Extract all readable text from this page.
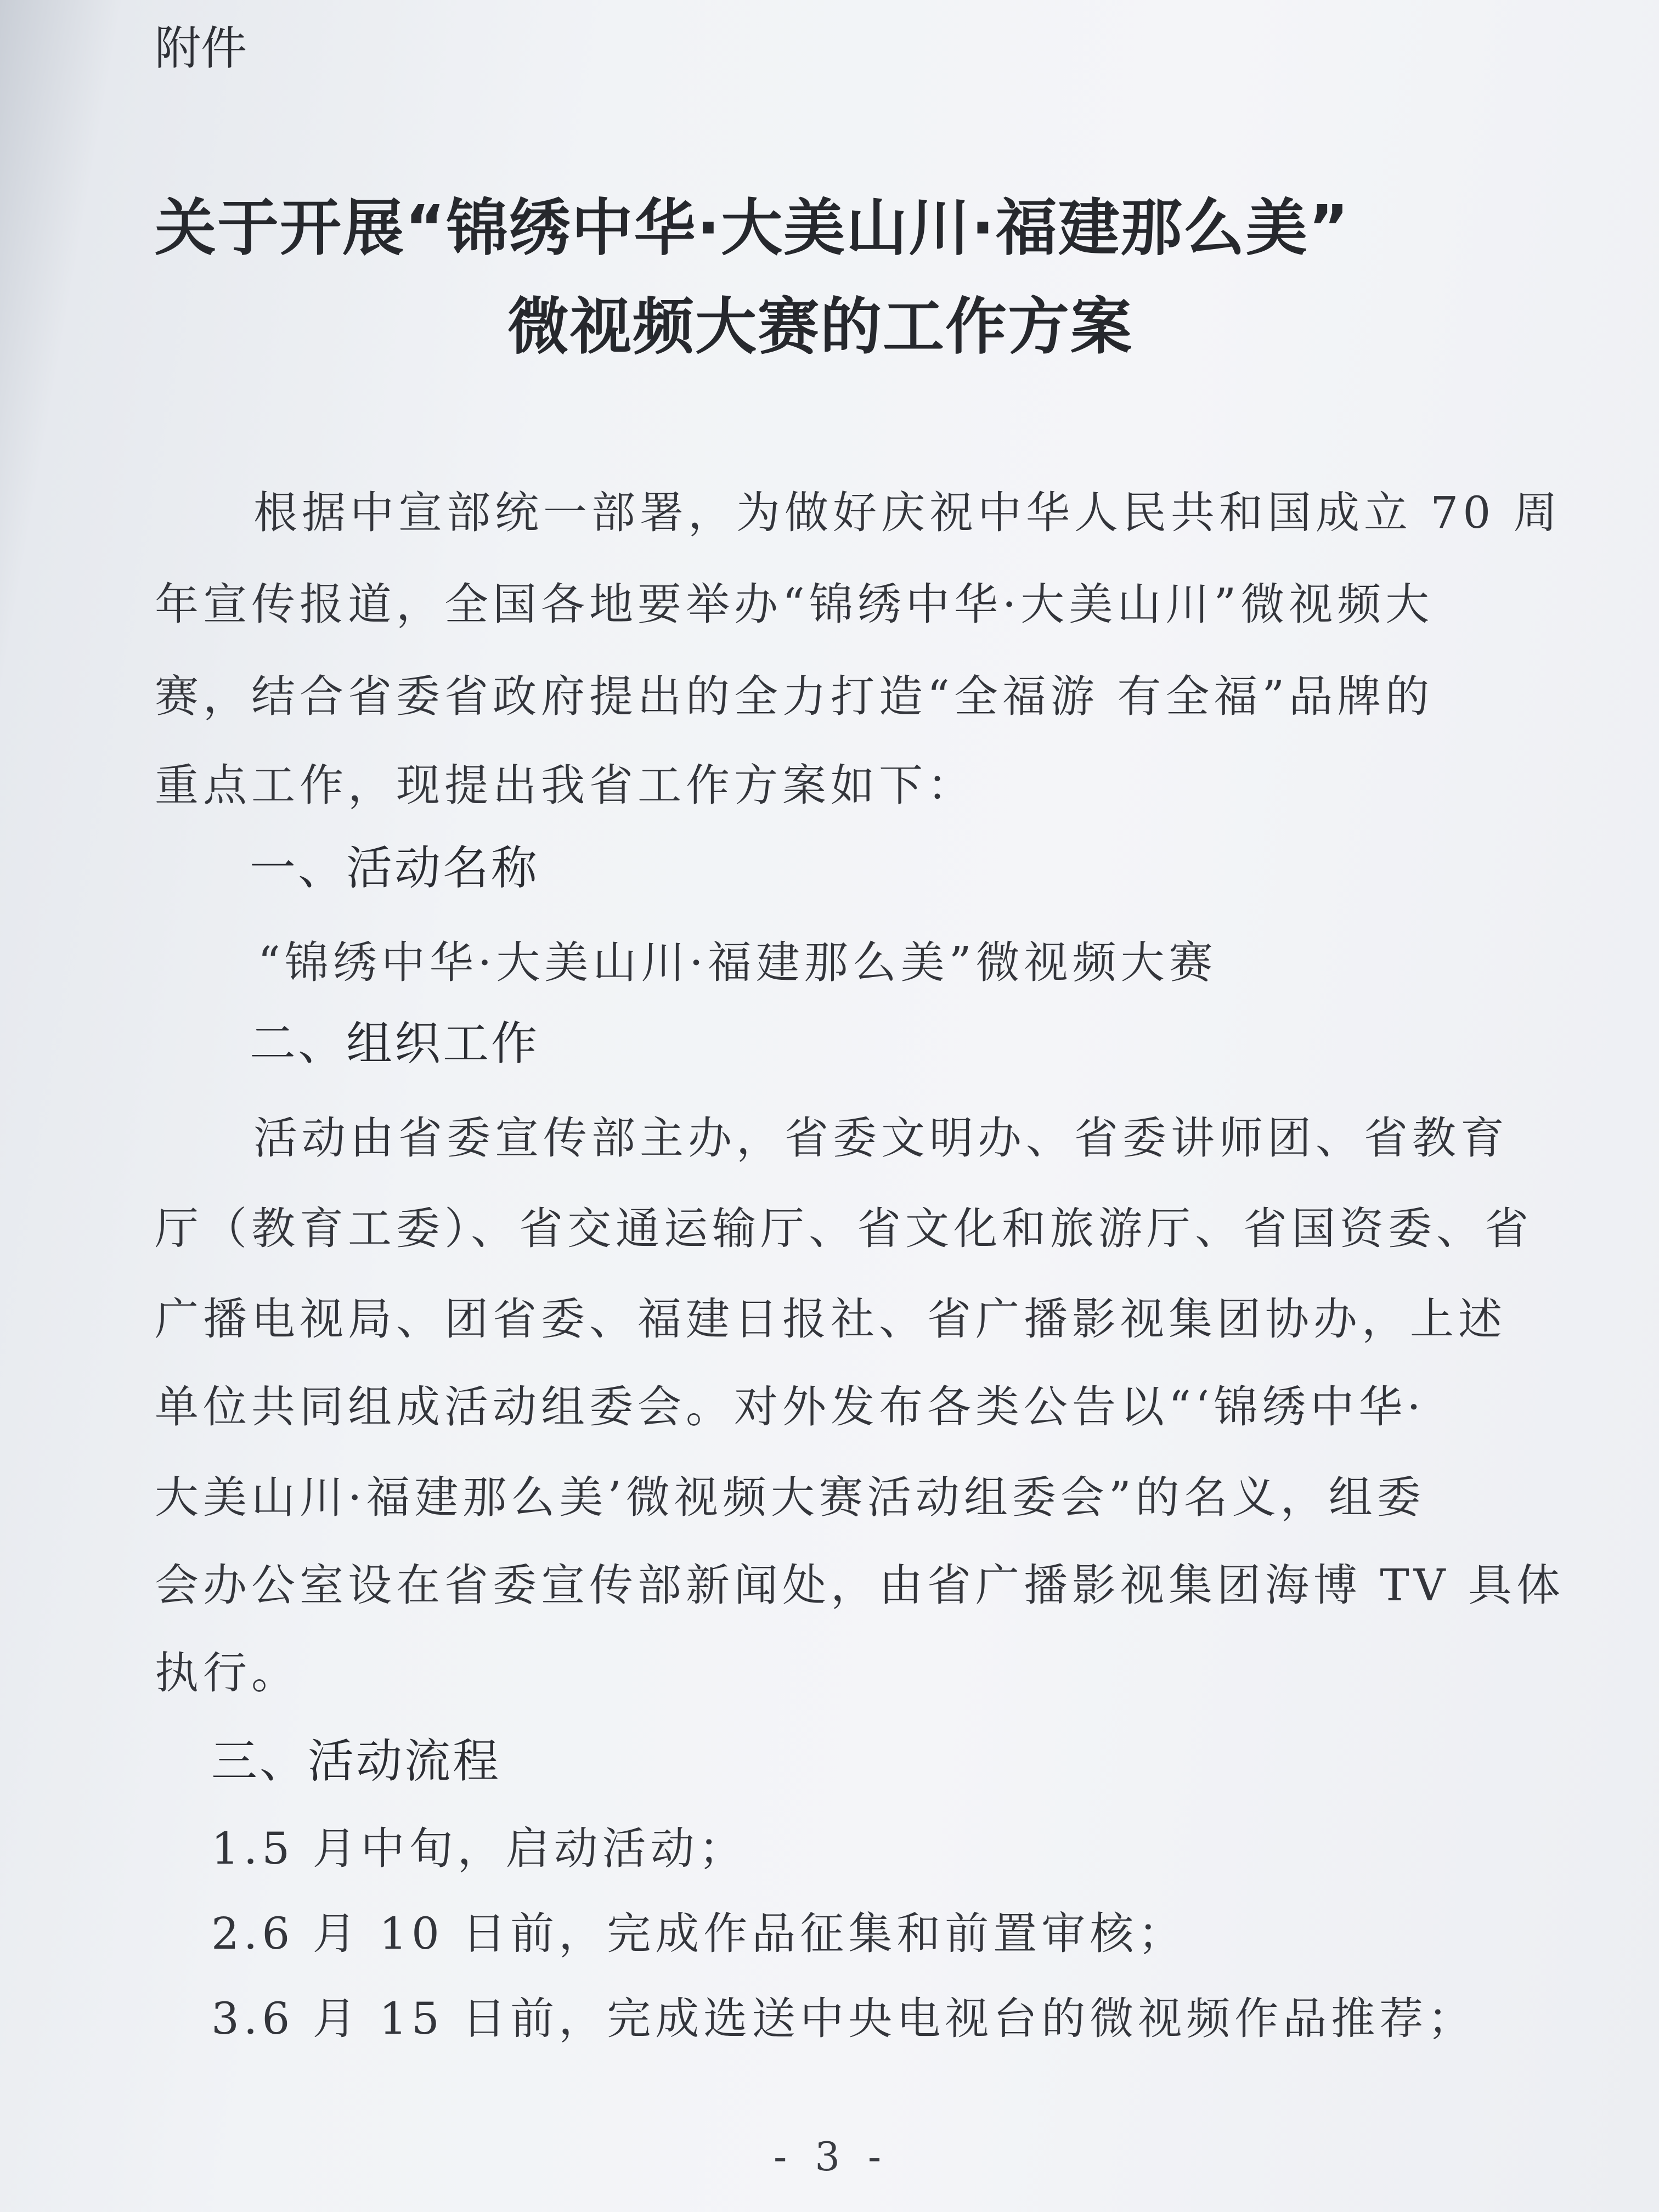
附件
关于开展“锦绣中华·大美山川·福建那么美”
微视频大赛的工作方案
根据中宣部统一部署，为做好庆祝中华人民共和国成立 70 周
年宣传报道，全国各地要举办“锦绣中华·大美山川”微视频大
赛，结合省委省政府提出的全力打造“全福游 有全福”品牌的
重点工作，现提出我省工作方案如下：
一、活动名称
“锦绣中华·大美山川·福建那么美”微视频大赛
二、组织工作
活动由省委宣传部主办，省委文明办、省委讲师团、省教育
厅（教育工委）、省交通运输厅、省文化和旅游厅、省国资委、省
广播电视局、团省委、福建日报社、省广播影视集团协办，上述
单位共同组成活动组委会。对外发布各类公告以“‘锦绣中华·
大美山川·福建那么美’微视频大赛活动组委会”的名义，组委
会办公室设在省委宣传部新闻处，由省广播影视集团海博 TV 具体
执行。
三、活动流程
1.5 月中旬，启动活动；
2.6 月 10 日前，完成作品征集和前置审核；
3.6 月 15 日前，完成选送中央电视台的微视频作品推荐；
- 3 -
